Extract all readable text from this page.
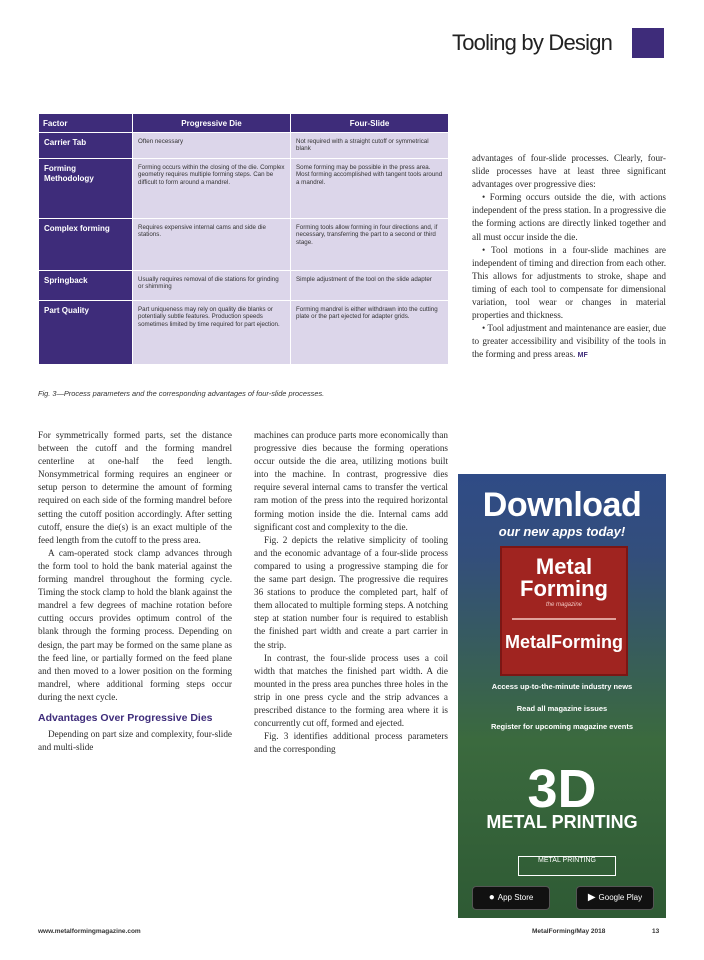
Tooling by Design
Factor	Progressive Die	Four-Slide
Carrier Tab	Often necessary	Not required with a straight cutoff or symmetrical blank
Forming Methodology	Forming occurs within the closing of the die. Complex geometry requires multiple forming steps. Can be difficult to form around a mandrel.	Some forming may be possible in the press area. Most forming accomplished with tangent tools around a mandrel.
Complex forming	Requires expensive internal cams and side die stations.	Forming tools allow forming in four directions and, if necessary, transferring the part to a second or third stage.
Springback	Usually requires removal of die stations for grinding or shimming	Simple adjustment of the tool on the slide adapter
Part Quality	Part uniqueness may rely on quality die blanks or potentially subtle features. Production speeds sometimes limited by time required for part ejection.	Forming mandrel is either withdrawn into the cutting plate or the part ejected for adapter grids.
Fig. 3—Process parameters and the corresponding advantages of four-slide processes.

For symmetrically formed parts, set the distance between the cutoff and the forming mandrel centerline at one-half the feed length. Nonsymmetrical forming requires an engineer or setup person to determine the amount of forming required on each side of the forming mandrel before setting the cutoff position accordingly. After setting cutoff, ensure the die(s) is an exact multiple of the feed length from the cutoff to the press area.

A cam-operated stock clamp advances through the form tool to hold the bank material against the forming mandrel throughout the forming cycle. Timing the stock clamp to hold the blank against the mandrel a few degrees of machine rotation before cutting occurs provides optimum control of the blank through the forming process. Depending on design, the part may be formed on the same plane as the feed line, or partially formed on the feed plane and then moved to a lower position on the forming mandrel, where additional forming steps occur during the next cycle.

Advantages Over Progressive Dies

Depending on part size and complexity, four-slide and multi-slide

machines can produce parts more economically than progressive dies because the forming operations occur outside the die area, utilizing motions built into the machine. In contrast, progressive dies require several internal cams to transfer the vertical ram motion of the press into the required horizontal forming motion inside the die. Internal cams add significant cost and complexity to the die.

Fig. 2 depicts the relative simplicity of tooling and the economic advantage of a four-slide process compared to using a progressive stamping die for the same part design. The progressive die requires 36 stations to produce the completed part, half of them allocated to multiple forming steps. A notching step at station number four is required to establish the finished part width and create a part carrier in the strip.

In contrast, the four-slide process uses a coil width that matches the finished part width. A die mounted in the press area punches three holes in the strip in one press cycle and the strip advances a prescribed distance to the forming area where it is concurrently cut off, formed and ejected.

Fig. 3 identifies additional process parameters and the corresponding

advantages of four-slide processes. Clearly, four-slide processes have at least three significant advantages over progressive dies:

• Forming occurs outside the die, with actions independent of the press station. In a progressive die the forming actions are directly linked together and all must occur inside the die.

• Tool motions in a four-slide machines are independent of timing and direction from each other. This allows for adjustments to stroke, shape and timing of each tool to compensate for dimensional variation, tool wear or changes in material properties and thickness.

• Tool adjustment and maintenance are easier, due to greater accessibility and visibility of the tools in the forming and press areas. MF

Download
our new apps today!
Metal Forming
the magazine
MetalForming
Access up-to-the-minute industry news
Read all magazine issues
Register for upcoming magazine events
3D
METAL PRINTING
METAL PRINTING
● App Store	▶ Google Play
www.metalformingmagazine.com	MetalForming/May 2018	13
